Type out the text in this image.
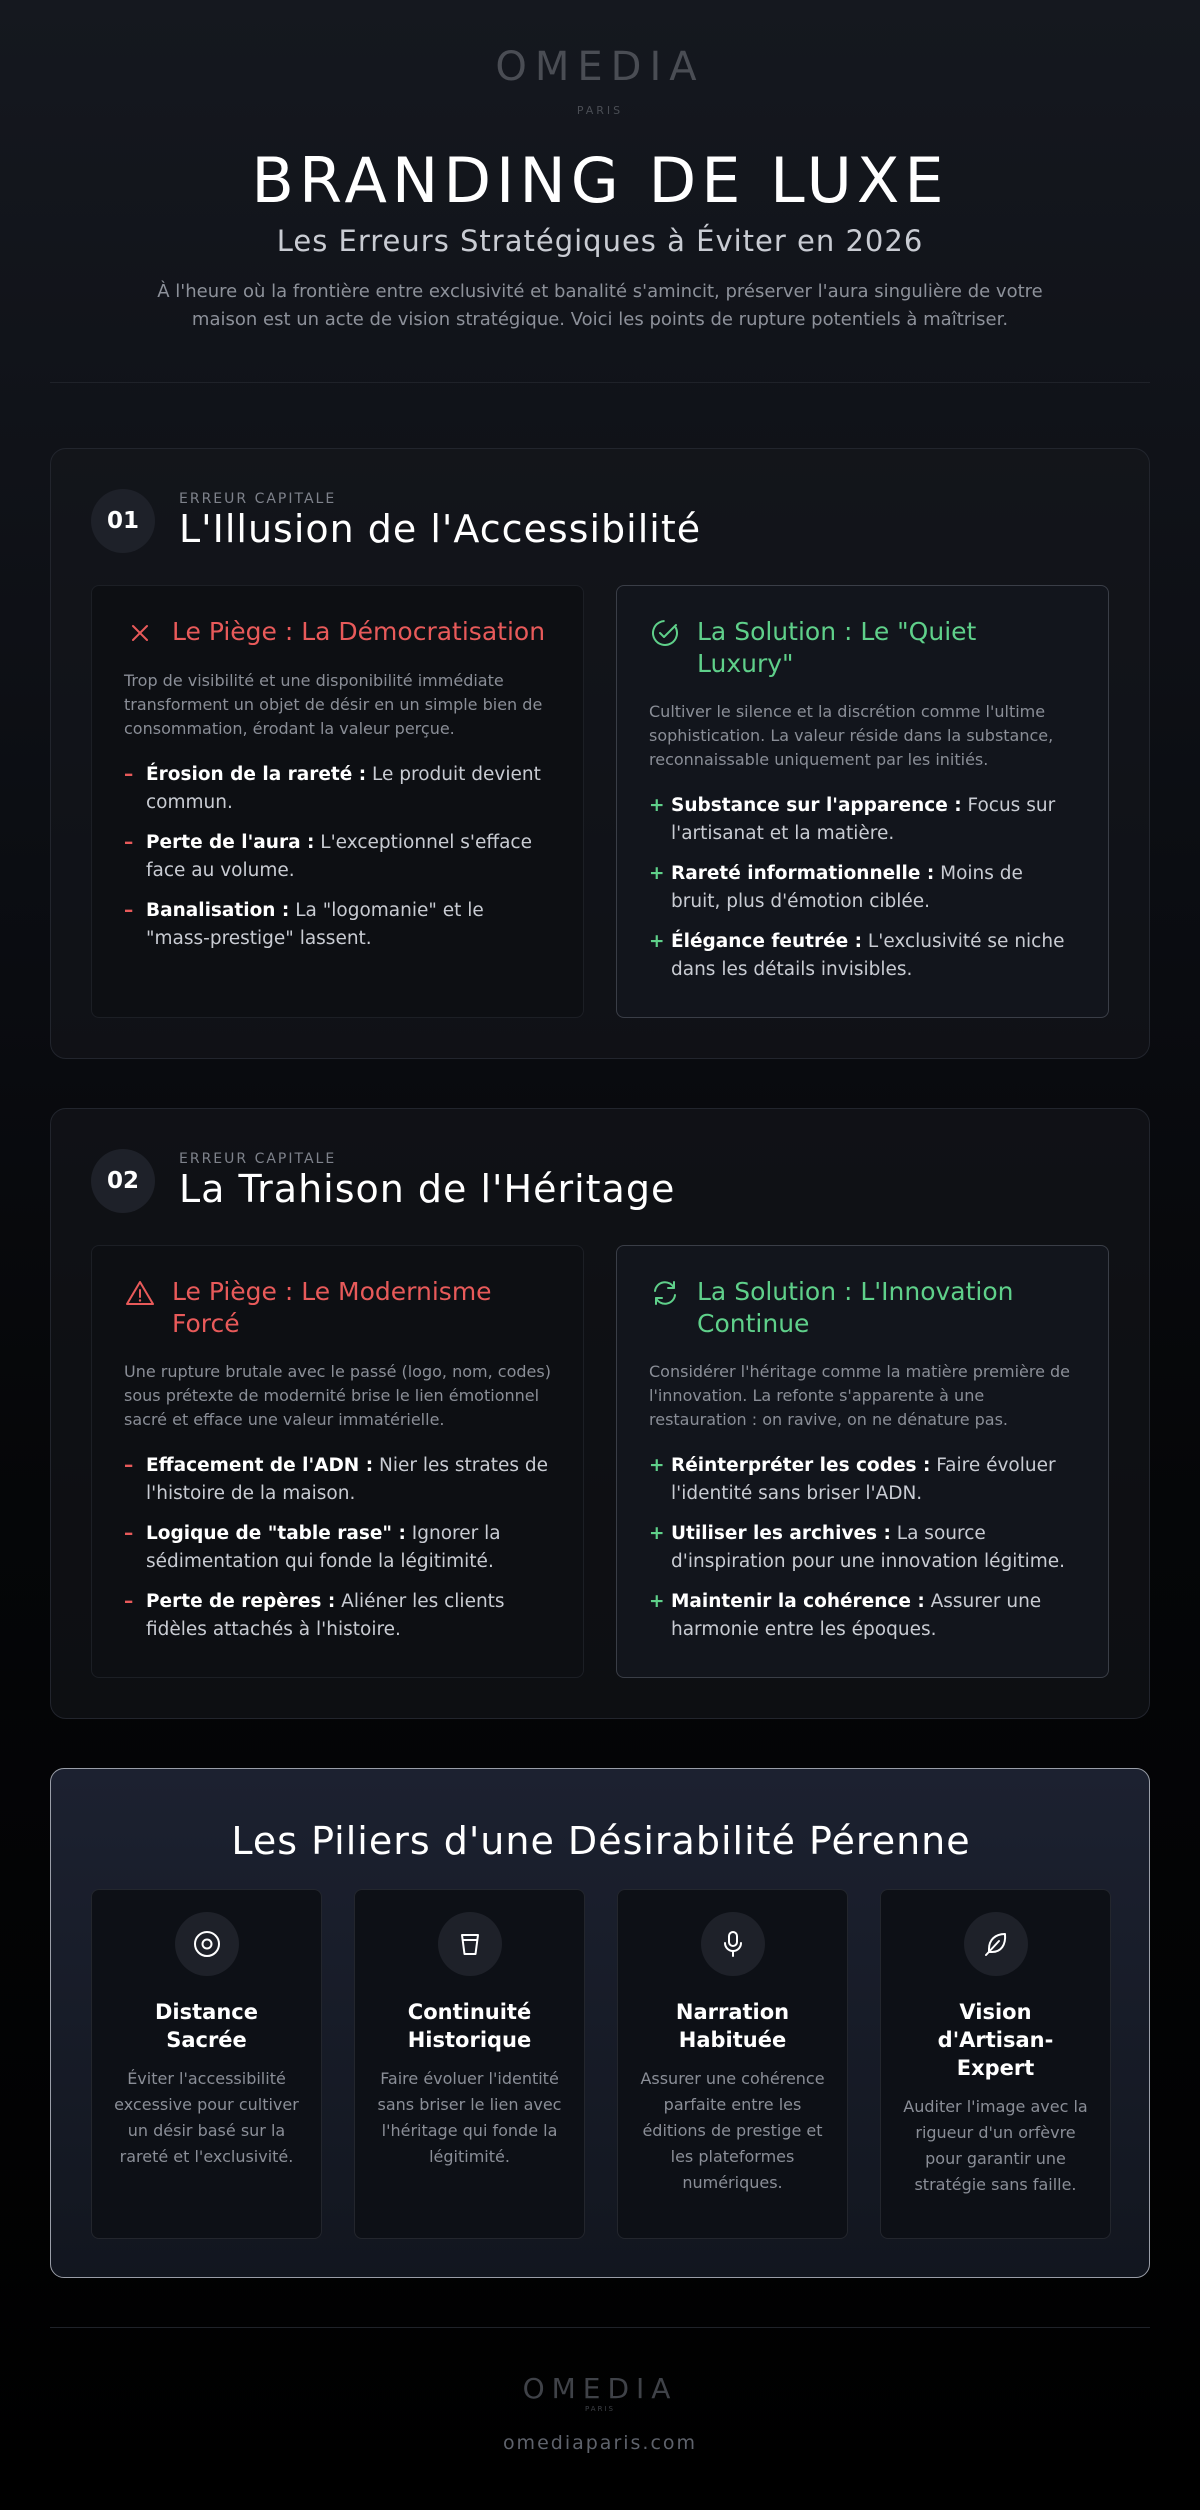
OMEDIA
PARIS
BRANDING DE LUXE
Les Erreurs Stratégiques à Éviter en 2026

À l'heure où la frontière entre exclusivité et banalité s'amincit, préserver l'aura singulière de votre maison est un acte de vision stratégique. Voici les points de rupture potentiels à maîtriser.

01
ERREUR CAPITALE
L'Illusion de l'Accessibilité
Le Piège : La Démocratisation

Trop de visibilité et une disponibilité immédiate transforment un objet de désir en un simple bien de consommation, érodant la valeur perçue.

– Érosion de la rareté : Le produit devient commun.
– Perte de l'aura : L'exceptionnel s'efface face au volume.
– Banalisation : La "logomanie" et le "mass-prestige" lassent.
La Solution : Le "Quiet Luxury"

Cultiver le silence et la discrétion comme l'ultime sophistication. La valeur réside dans la substance, reconnaissable uniquement par les initiés.

+ Substance sur l'apparence : Focus sur l'artisanat et la matière.
+ Rareté informationnelle : Moins de bruit, plus d'émotion ciblée.
+ Élégance feutrée : L'exclusivité se niche dans les détails invisibles.
02
ERREUR CAPITALE
La Trahison de l'Héritage
Le Piège : Le Modernisme Forcé

Une rupture brutale avec le passé (logo, nom, codes) sous prétexte de modernité brise le lien émotionnel sacré et efface une valeur immatérielle.

– Effacement de l'ADN : Nier les strates de l'histoire de la maison.
– Logique de "table rase" : Ignorer la sédimentation qui fonde la légitimité.
– Perte de repères : Aliéner les clients fidèles attachés à l'histoire.
La Solution : L'Innovation Continue

Considérer l'héritage comme la matière première de l'innovation. La refonte s'apparente à une restauration : on ravive, on ne dénature pas.

+ Réinterpréter les codes : Faire évoluer l'identité sans briser l'ADN.
+ Utiliser les archives : La source d'inspiration pour une innovation légitime.
+ Maintenir la cohérence : Assurer une harmonie entre les époques.
Les Piliers d'une Désirabilité Pérenne
Distance Sacrée
Éviter l'accessibilité excessive pour cultiver un désir basé sur la rareté et l'exclusivité.
Continuité Historique
Faire évoluer l'identité sans briser le lien avec l'héritage qui fonde la légitimité.
Narration Habituée
Assurer une cohérence parfaite entre les éditions de prestige et les plateformes numériques.
Vision d'Artisan-Expert
Auditer l'image avec la rigueur d'un orfèvre pour garantir une stratégie sans faille.
OMEDIA
PARIS
omediaparis.com
